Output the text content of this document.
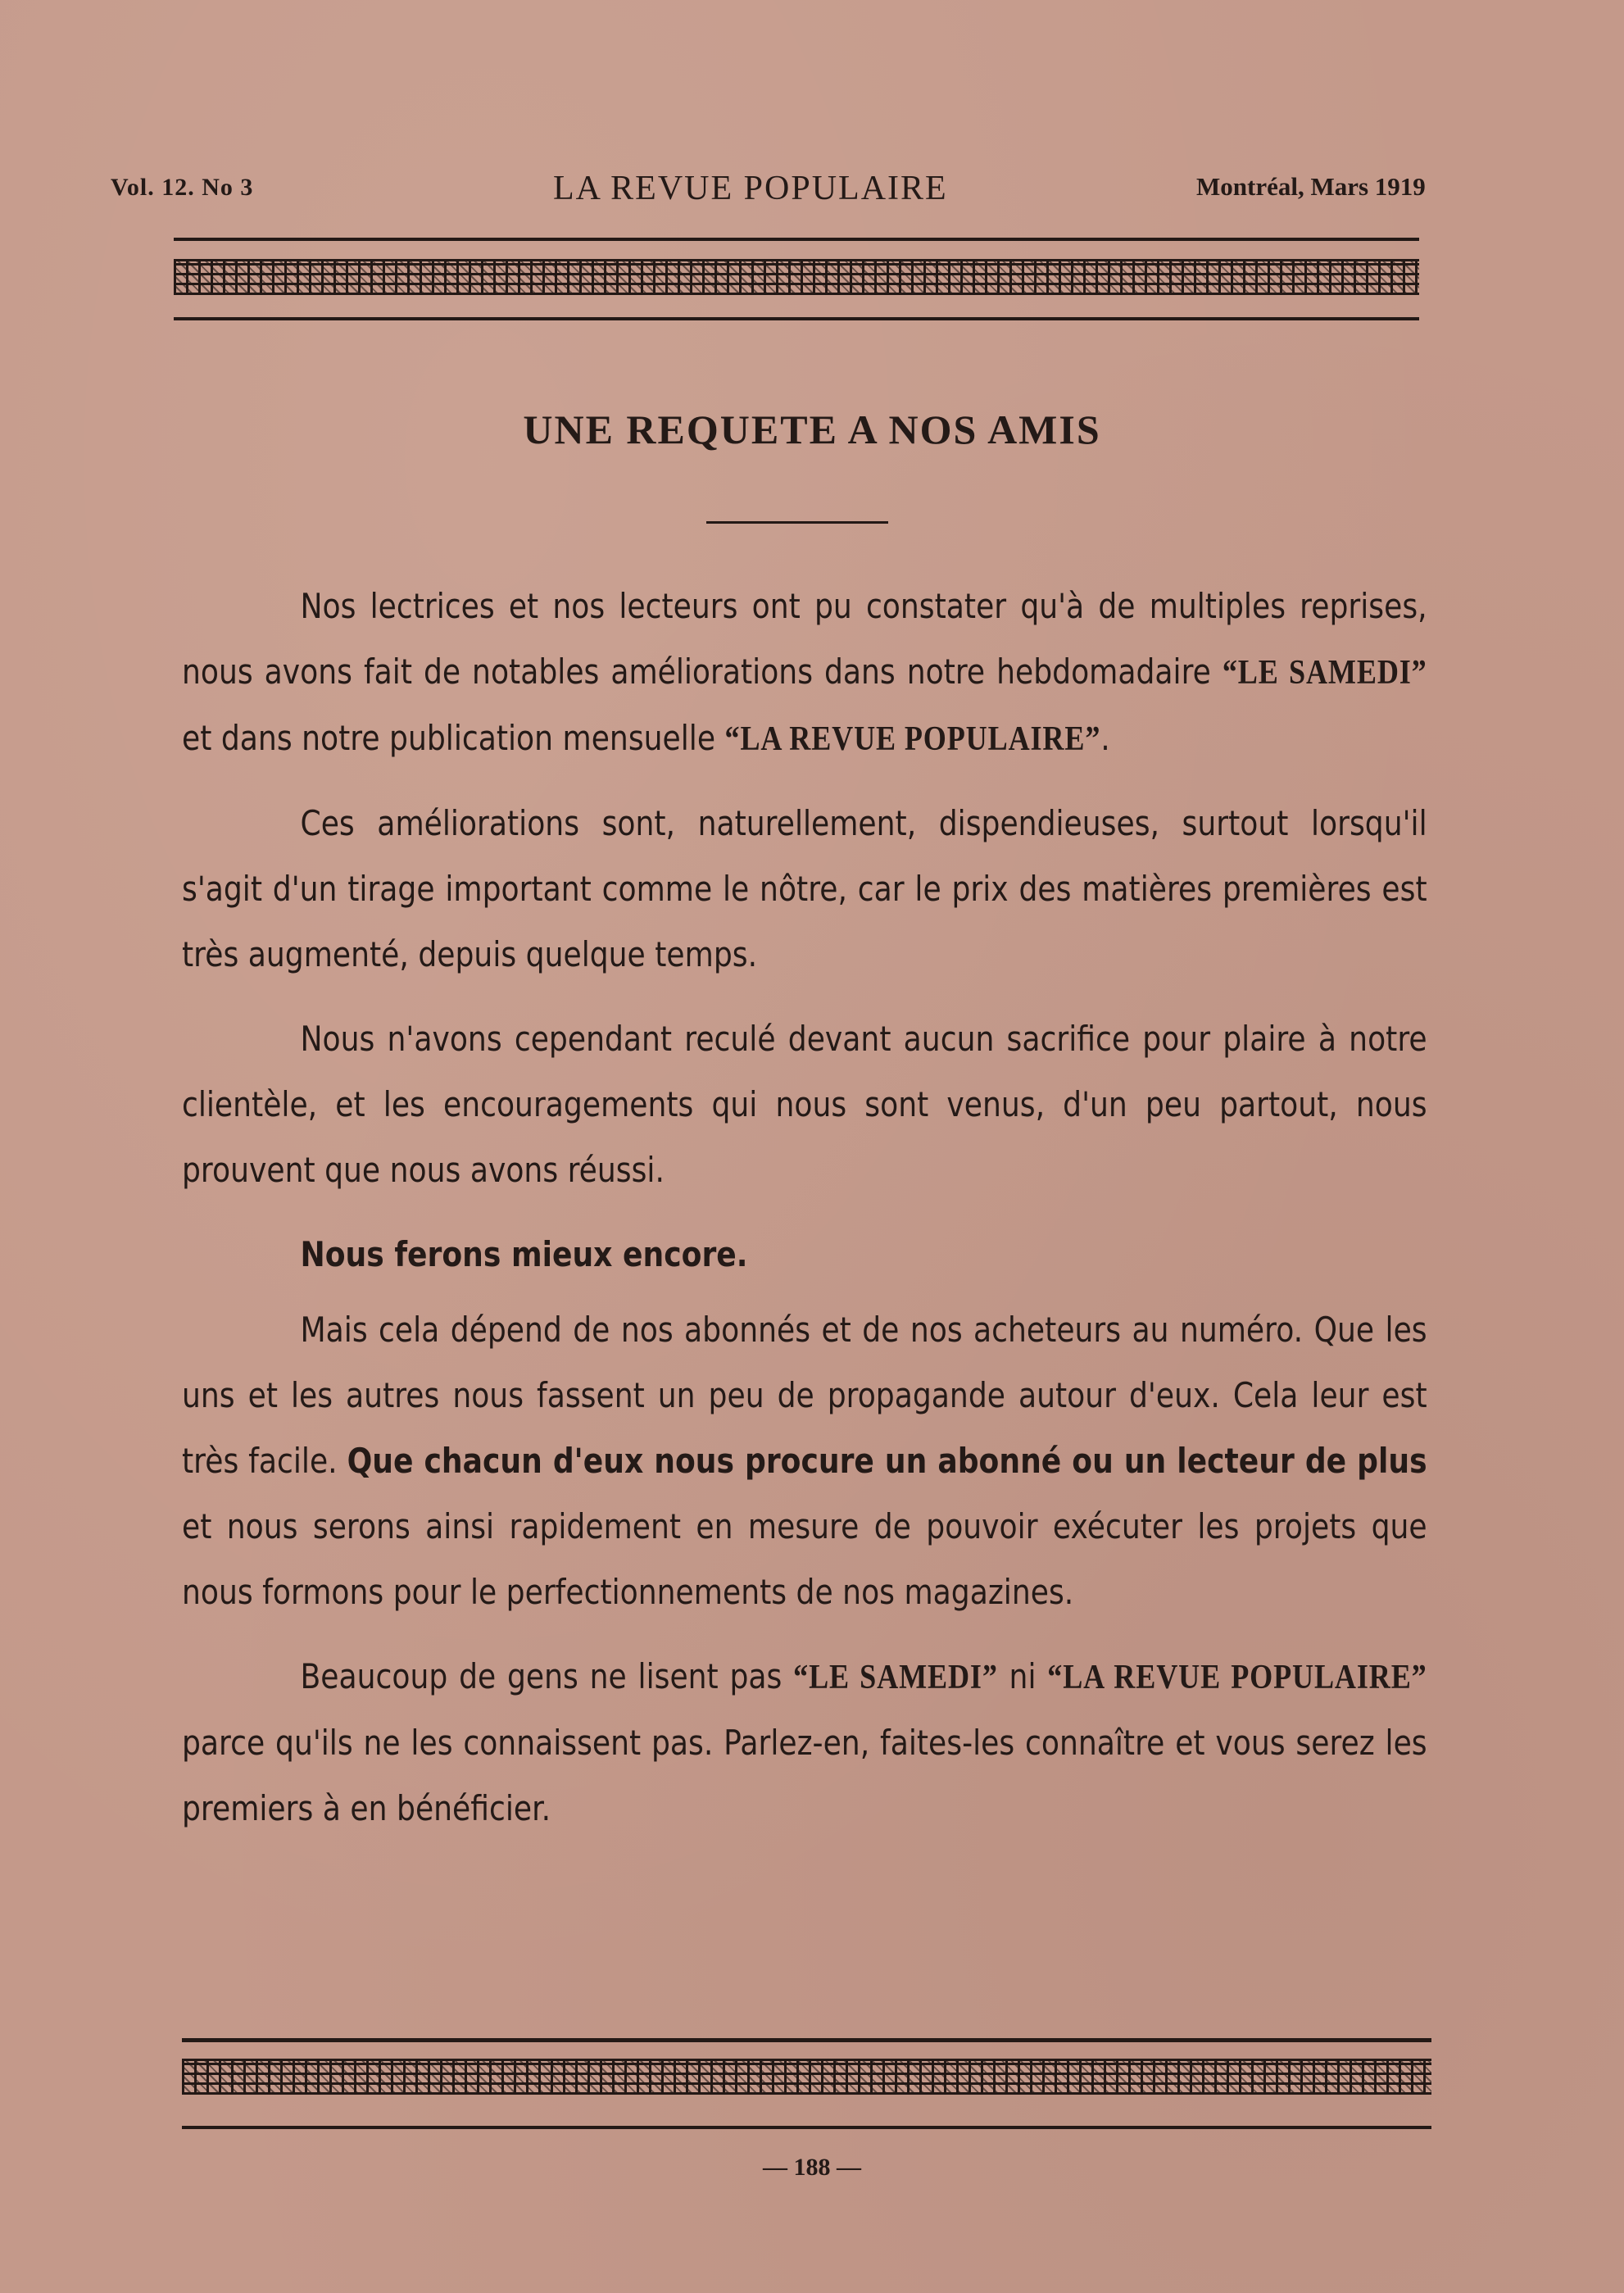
Vol. 12. No 3	LA REVUE POPULAIRE	Montréal, Mars 1919
UNE REQUETE A NOS AMIS

Nos lectrices et nos lecteurs ont pu constater qu'à de multiples reprises, nous avons fait de notables améliorations dans notre hebdomadaire “LE SAMEDI” et dans notre publication mensuelle “LA REVUE POPULAIRE”.

Ces améliorations sont, naturellement, dispendieuses, surtout lorsqu'il s'agit d'un tirage important comme le nôtre, car le prix des matières premières est très augmenté, depuis quelque temps.

Nous n'avons cependant reculé devant aucun sacrifice pour plaire à notre clientèle, et les encouragements qui nous sont venus, d'un peu partout, nous prouvent que nous avons réussi.

Nous ferons mieux encore.

Mais cela dépend de nos abonnés et de nos acheteurs au numéro. Que les uns et les autres nous fassent un peu de propagande autour d'eux. Cela leur est très facile. Que chacun d'eux nous procure un abonné ou un lecteur de plus et nous serons ainsi rapidement en mesure de pouvoir exécuter les projets que nous formons pour le perfectionnements de nos magazines.

Beaucoup de gens ne lisent pas “LE SAMEDI” ni “LA REVUE POPULAIRE” parce qu'ils ne les connaissent pas. Parlez-en, faites-les connaître et vous serez les premiers à en bénéficier.

— 188 —
